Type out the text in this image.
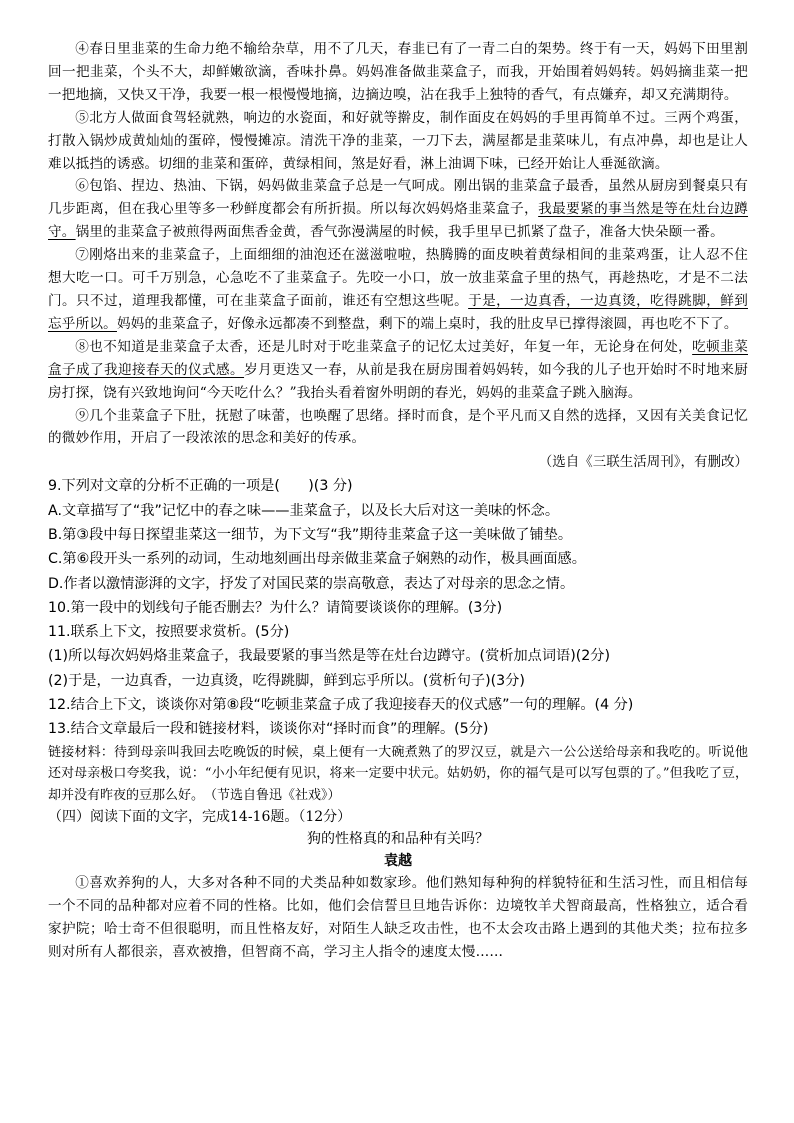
④春日里韭菜的生命力绝不输给杂草，用不了几天，春韭已有了一青二白的架势。终于有一天，妈妈下田里割回一把韭菜，个头不大，却鲜嫩欲滴，香味扑鼻。妈妈准备做韭菜盒子，而我，开始围着妈妈转。妈妈摘韭菜一把一把地摘，又快又干净，我要一根一根慢慢地摘，边摘边嗅，沾在我手上独特的香气，有点嫌弃，却又充满期待。

⑤北方人做面食驾轻就熟，响边的水瓷面，和好就等擀皮，制作面皮在妈妈的手里再简单不过。三两个鸡蛋，打散入锅炒成黄灿灿的蛋碎，慢慢摊凉。清洗干净的韭菜，一刀下去，满屋都是韭菜味儿，有点冲鼻，却也是让人难以抵挡的诱惑。切细的韭菜和蛋碎，黄绿相间，煞是好看，淋上油调下味，已经开始让人垂涎欲滴。

⑥包馅、捏边、热油、下锅，妈妈做韭菜盒子总是一气呵成。刚出锅的韭菜盒子最香，虽然从厨房到餐桌只有几步距离，但在我心里等多一秒鲜度都会有所折损。所以每次妈妈烙韭菜盒子，我最要紧的事当然是等在灶台边蹲守。锅里的韭菜盒子被煎得两面焦香金黄，香气弥漫满屋的时候，我手里早已抓紧了盘子，准备大快朵颐一番。

⑦刚烙出来的韭菜盒子，上面细细的油泡还在滋滋啦啦，热腾腾的面皮映着黄绿相间的韭菜鸡蛋，让人忍不住想大吃一口。可千万别急，心急吃不了韭菜盒子。先咬一小口，放一放韭菜盒子里的热气，再趁热吃，才是不二法门。只不过，道理我都懂，可在韭菜盒子面前，谁还有空想这些呢。于是，一边真香，一边真烫，吃得跳脚，鲜到忘乎所以。妈妈的韭菜盒子，好像永远都凑不到整盘，剩下的端上桌时，我的肚皮早已撑得滚圆，再也吃不下了。

⑧也不知道是韭菜盒子太香，还是儿时对于吃韭菜盒子的记忆太过美好，年复一年，无论身在何处，吃顿韭菜盒子成了我迎接春天的仪式感。岁月更迭又一春，从前是我在厨房围着妈妈转，如今我的儿子也开始时不时地来厨房打探，饶有兴致地询问“今天吃什么？”我抬头看着窗外明朗的春光，妈妈的韭菜盒子跳入脑海。

⑨几个韭菜盒子下肚，抚慰了味蕾，也唤醒了思绪。择时而食，是个平凡而又自然的选择，又因有关美食记忆的微妙作用，开启了一段浓浓的思念和美好的传承。

（选自《三联生活周刊》，有删改）

9.下列对文章的分析不正确的一项是(　　)(3 分)

A.文章描写了“我”记忆中的春之味——韭菜盒子，以及长大后对这一美味的怀念。

B.第③段中每日探望韭菜这一细节，为下文写“我”期待韭菜盒子这一美味做了铺垫。

C.第⑥段开头一系列的动词，生动地刻画出母亲做韭菜盒子娴熟的动作，极具画面感。

D.作者以激情澎湃的文字，抒发了对国民菜的崇高敬意，表达了对母亲的思念之情。

10.第一段中的划线句子能否删去？为什么？请简要谈谈你的理解。(3分)

11.联系上下文，按照要求赏析。(5分)

(1)所以每次妈妈烙韭菜盒子，我最要紧的事当然是等在灶台边蹲守。(赏析加点词语)(2分)

(2)于是，一边真香，一边真烫，吃得跳脚，鲜到忘乎所以。(赏析句子)(3分)

12.结合上下文，谈谈你对第⑧段“吃顿韭菜盒子成了我迎接春天的仪式感”一句的理解。(4 分)

13.结合文章最后一段和链接材料，谈谈你对“择时而食”的理解。(5分)

链接材料：待到母亲叫我回去吃晚饭的时候，桌上便有一大碗煮熟了的罗汉豆，就是六一公公送给母亲和我吃的。听说他还对母亲极口夸奖我，说：“小小年纪便有见识，将来一定要中状元。姑奶奶，你的福气是可以写包票的了。”但我吃了豆，却并没有昨夜的豆那么好。　（节选自鲁迅《社戏》）

（四）阅读下面的文字，完成14-16题。（12分）

狗的性格真的和品种有关吗？

袁越

①喜欢养狗的人，大多对各种不同的犬类品种如数家珍。他们熟知每种狗的样貌特征和生活习性，而且相信每一个不同的品种都对应着不同的性格。比如，他们会信誓旦旦地告诉你：边境牧羊犬智商最高，性格独立，适合看家护院；哈士奇不但很聪明，而且性格友好，对陌生人缺乏攻击性，也不太会攻击路上遇到的其他犬类；拉布拉多则对所有人都很亲，喜欢被撸，但智商不高，学习主人指令的速度太慢……
